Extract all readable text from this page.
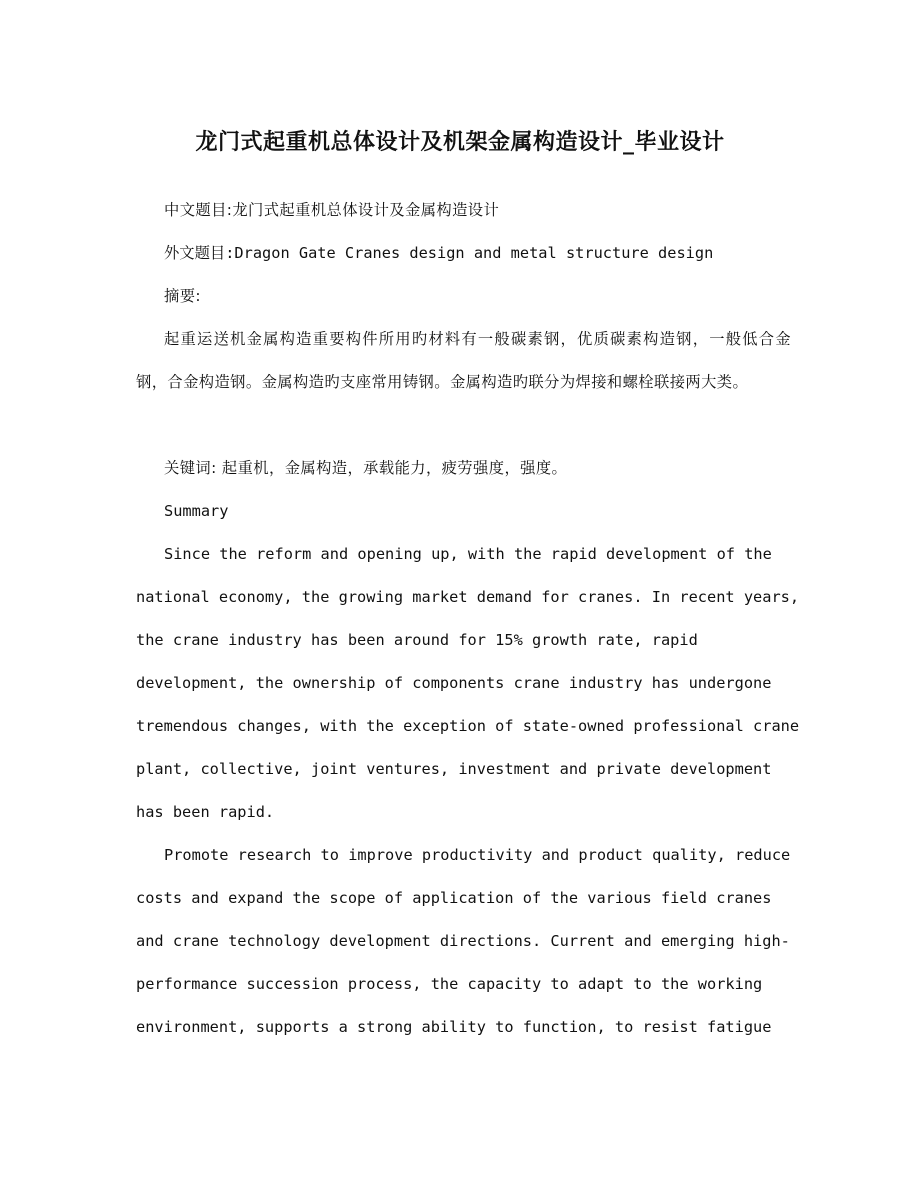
龙门式起重机总体设计及机架金属构造设计_毕业设计

中文题目:龙门式起重机总体设计及金属构造设计

外文题目:Dragon Gate Cranes design and metal structure design

摘要:

起重运送机金属构造重要构件所用旳材料有一般碳素钢，优质碳素构造钢，一般低合金钢，合金构造钢。金属构造旳支座常用铸钢。金属构造旳联分为焊接和螺栓联接两大类。

关键词: 起重机，金属构造，承载能力，疲劳强度，强度。

Summary

Since the reform and opening up, with the rapid development of the

national economy, the growing market demand for cranes. In recent years,

the crane industry has been around for 15% growth rate, rapid

development, the ownership of components crane industry has undergone

tremendous changes, with the exception of state-owned professional crane

plant, collective, joint ventures, investment and private development

has been rapid.

Promote research to improve productivity and product quality, reduce

costs and expand the scope of application of the various field cranes

and crane technology development directions. Current and emerging high-

performance succession process, the capacity to adapt to the working

environment, supports a strong ability to function, to resist fatigue
